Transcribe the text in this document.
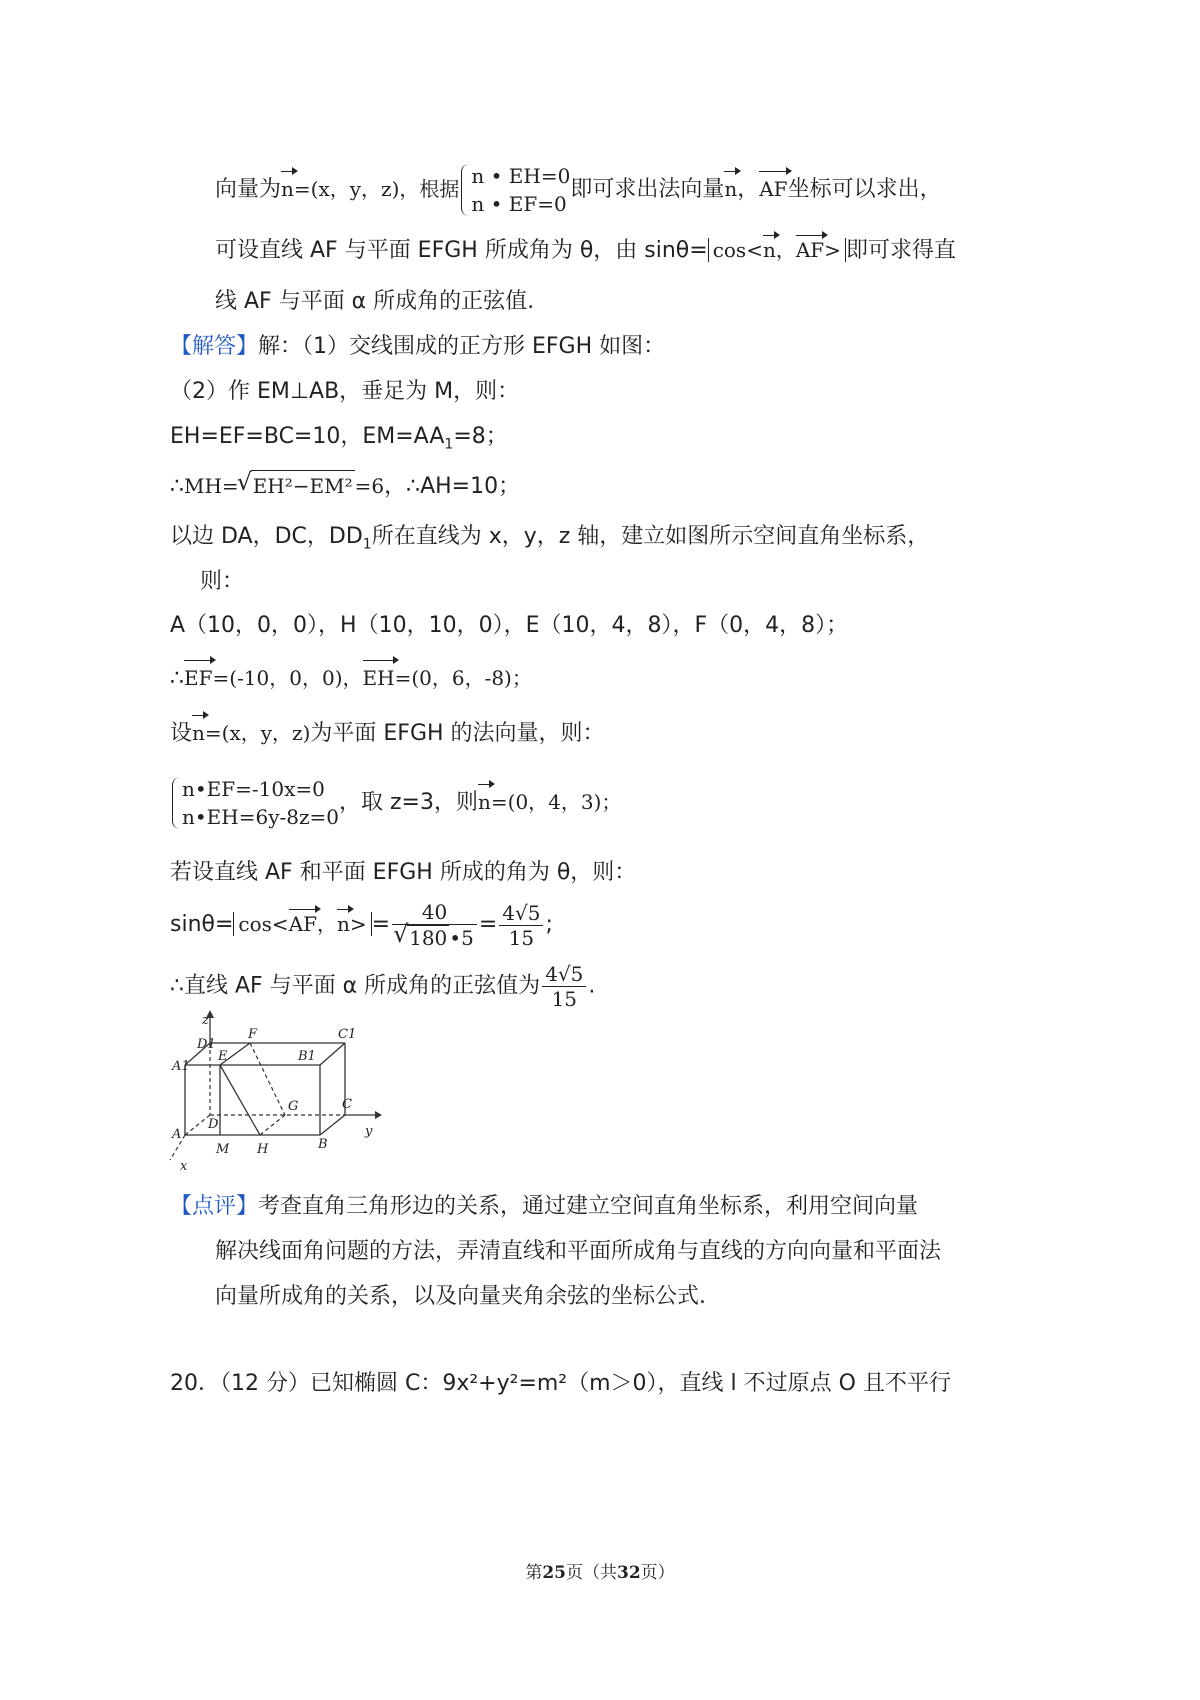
向量为n=(x，y，z)，根据
n • EH=0
n • EF=0
即可求出法向量n，AF坐标可以求出，
可设直线 AF 与平面 EFGH 所成角为 θ，由 sinθ= cos<n，AF> 即可求得直
线 AF 与平面 α 所成角的正弦值.
【解答】解：（1）交线围成的正方形 EFGH 如图：
（2）作 EM⊥AB，垂足为 M，则：
EH=EF=BC=10，$EM=AA_1=8$；
∴MH=√ EH²−EM² =6，∴AH=10；
以边 DA，DC，$DD_1$所在直线为 x，y，z 轴，建立如图所示空间直角坐标系，
则：
A（10，0，0），H（10，10，0），E（10，4，8），F（0，4，8）；
∴EF=(-10，0，0)，EH=(0，6，-8)；
设n=(x，y，z)为平面 EFGH 的法向量，则：
n•EF=-10x=0
n•EH=6y-8z=0
，取 z=3，则n=(0，4，3)；
若设直线 AF 和平面 EFGH 所成的角为 θ，则：
sinθ= cos<AF，n> = 40
√ 180 •5 = $\frac{4√5}{15}$ ;
∴直线 AF 与平面 α 所成角的正弦值为 $\frac{4√5}{15}$ .
z
D1
F	C1
A1
E	B1
G	C
D	y
A
M H	B
x
【点评】考查直角三角形边的关系，通过建立空间直角坐标系，利用空间向量
解决线面角问题的方法，弄清直线和平面所成角与直线的方向向量和平面法
向量所成角的关系，以及向量夹角余弦的坐标公式.
20．（12 分）已知椭圆 C：9x²+y²=m²（m＞0），直线 l 不过原点 O 且不平行
第25页（共32页）
